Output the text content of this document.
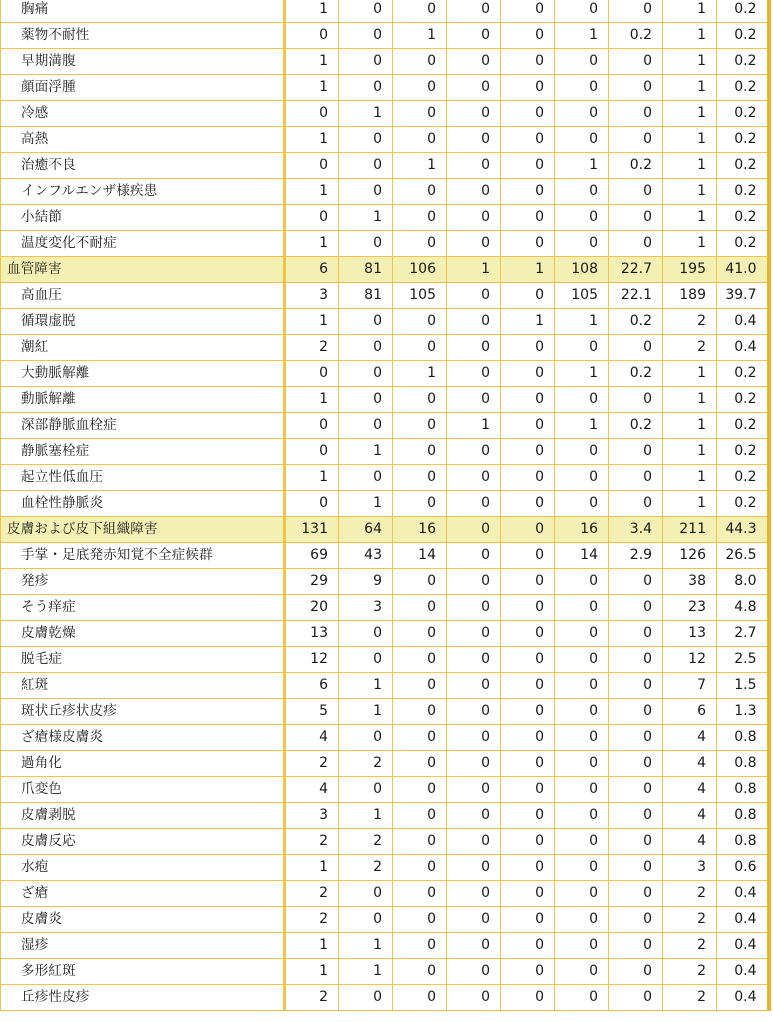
胸痛	1	0	0	0	0	0	0	1	0.2
薬物不耐性	0	0	1	0	0	1	0.2	1	0.2
早期満腹	1	0	0	0	0	0	0	1	0.2
顔面浮腫	1	0	0	0	0	0	0	1	0.2
冷感	0	1	0	0	0	0	0	1	0.2
高熱	1	0	0	0	0	0	0	1	0.2
治癒不良	0	0	1	0	0	1	0.2	1	0.2
インフルエンザ様疾患	1	0	0	0	0	0	0	1	0.2
小結節	0	1	0	0	0	0	0	1	0.2
温度変化不耐症	1	0	0	0	0	0	0	1	0.2
血管障害	6	81	106	1	1	108	22.7	195	41.0
高血圧	3	81	105	0	0	105	22.1	189	39.7
循環虚脱	1	0	0	0	1	1	0.2	2	0.4
潮紅	2	0	0	0	0	0	0	2	0.4
大動脈解離	0	0	1	0	0	1	0.2	1	0.2
動脈解離	1	0	0	0	0	0	0	1	0.2
深部静脈血栓症	0	0	0	1	0	1	0.2	1	0.2
静脈塞栓症	0	1	0	0	0	0	0	1	0.2
起立性低血圧	1	0	0	0	0	0	0	1	0.2
血栓性静脈炎	0	1	0	0	0	0	0	1	0.2
皮膚および皮下組織障害	131	64	16	0	0	16	3.4	211	44.3
手掌・足底発赤知覚不全症候群	69	43	14	0	0	14	2.9	126	26.5
発疹	29	9	0	0	0	0	0	38	8.0
そう痒症	20	3	0	0	0	0	0	23	4.8
皮膚乾燥	13	0	0	0	0	0	0	13	2.7
脱毛症	12	0	0	0	0	0	0	12	2.5
紅斑	6	1	0	0	0	0	0	7	1.5
斑状丘疹状皮疹	5	1	0	0	0	0	0	6	1.3
ざ瘡様皮膚炎	4	0	0	0	0	0	0	4	0.8
過角化	2	2	0	0	0	0	0	4	0.8
爪変色	4	0	0	0	0	0	0	4	0.8
皮膚剥脱	3	1	0	0	0	0	0	4	0.8
皮膚反応	2	2	0	0	0	0	0	4	0.8
水疱	1	2	0	0	0	0	0	3	0.6
ざ瘡	2	0	0	0	0	0	0	2	0.4
皮膚炎	2	0	0	0	0	0	0	2	0.4
湿疹	1	1	0	0	0	0	0	2	0.4
多形紅斑	1	1	0	0	0	0	0	2	0.4
丘疹性皮疹	2	0	0	0	0	0	0	2	0.4
